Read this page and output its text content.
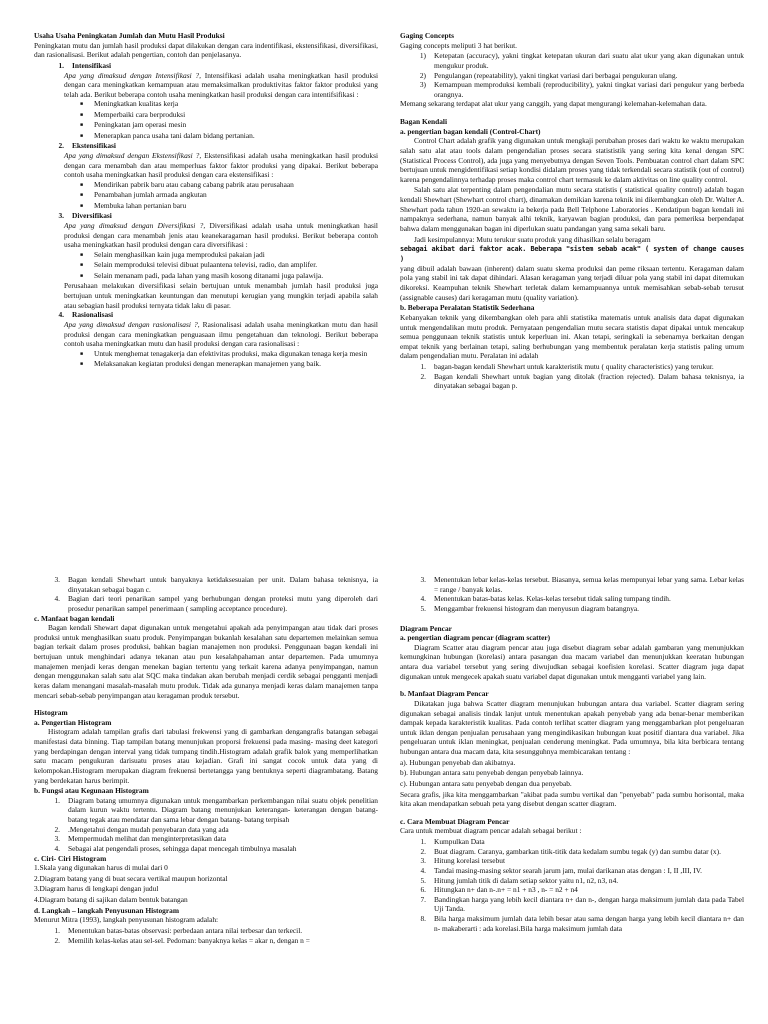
Usaha Usaha Peningkatan Jumlah dan Mutu Hasil Produksi

Peningkatan mutu dan jumlah hasil produksi dapat dilakukan dengan cara indentifikasi, ekstensifikasi, diversifikasi, dan rasionalisasi. Berikut adalah pengertian, contoh dan penjelasanya.

1.	Intensifikasi
Apa yang dimaksud dengan Intensifikasi ?, Intensifikasi adalah usaha meningkatkan hasil produksi dengan cara meningkatkan kemampuan atau memaksimalkan produktivitas faktor faktor produksi yang telah ada. Berikut beberapa contoh usaha meningkatkan hasil produksi dengan cara intentifsifikasi :
■
Meningkatkan kualitas kerja
■
Memperbaiki cara berproduksi
■
Peningkatan jam operasi mesin
■
Menerapkan panca usaha tani dalam bidang pertanian.
2.	Ekstensifikasi
Apa yang dimaksud dengan Ekstensifikasi ?, Ekstensifikasi adalah usaha meningkatkan hasil produksi dengan cara menambah dan atau memperluas faktor faktor produksi yang dipakai. Berikut beberapa contoh usaha meningkatkan hasil produksi dengan cara ekstensifikasi :
■
Mendirikan pabrik baru atau cabang cabang pabrik atau perusahaan
■
Penambahan jumlah armada angkutan
■
Membuka lahan pertanian baru
3.	Diversifikasi
Apa yang dimaksud dengan Diversifikasi ?, Diversifikasi adalah usaha untuk meningkatkan hasil produksi dengan cara menambah jenis atau keanekaragaman hasil produksi. Berikut beberapa contoh usaha meningkatkan hasil produksi dengan cara diversifikasi :
■
Selain menghasilkan kain juga memproduksi pakaian jadi
■
Selain memproduksi televisi dibuat pulaantena televisi, radio, dan amplifer.
■
Selain menanam padi, pada lahan yang masih kosong ditanami juga palawija.
Perusahaan melakukan diversifikasi selain bertujuan untuk menambah jumlah hasil produksi juga bertujuan untuk meningkatkan keuntungan dan menutupi kerugian yang mungkin terjadi apabila salah atau sebagian hasil produksi ternyata tidak laku di pasar.
4.	Rasionalisasi
Apa yang dimaksud dengan rasionalisasi ?, Rasionalisasi adalah usaha meningkatkan mutu dan hasil produksi dengan cara meningkatkan penguasaan ilmu pengetahuan dan teknologi. Berikut beberapa contoh usaha meningkatkan mutu dan hasil produksi dengan cara rasionalisasi :
■
Untuk menghemat tenagakerja dan efektivitas produksi, maka digunakan tenaga kerja mesin
■
Melaksanakan kegiatan produksi dengan menerapkan manajemen yang baik.

Gaging Concepts

Gaging concepts meliputi 3 hat berikut.

1)	Ketepatan (accuracy), yakni tingkat ketepatan ukuran dari suatu alat ukur yang akan digunakan untuk mengukur produk.
2)	Pengulangan (repeatability), yakni tingkat variasi dari berbagai pengukuran ulang.
3)	Kemampuan memproduksi kembali (reproducibility), yakni tingkat variasi dari pengukur yang berbeda orangnya.

Memang sekarang terdapat alat ukur yang canggih, yang dapat mengurangi kelemahan-kelemahan data.

Bagan Kendali

a. pengertian bagan kendali (Control-Chart)

Control Chart adalah grafik yang digunakan untuk mengkaji perubahan proses dari waktu ke waktu merupakan salah satu alat atau tools dalam pengendalian proses secara statististik yang sering kita kenal dengan SPC (Statistical Process Control), ada juga yang menyebutnya dengan Seven Tools. Pembuatan control chart dalam SPC bertujuan untuk mengidentifikasi setiap kondisi didalam proses yang tidak terkendali secara statistik (out of control) karena pengendalinnya terhadap proses maka control chart termasuk ke dalam aktivitas on line quality control.

Salah satu alat terpenting dalam pengendalian mutu secara statistis ( statistical quality control) adalah bagan kendali Shewhart (Shewhart control chart), dinamakan demikian karena teknik ini dikembangkan oleh Dr. Walter A. Shewhart pada tahun 1920-an sewaktu ia bekerja pada Bell Telphone Laboratories . Kendatipun bagan kendali ini nampaknya sederhana, namun banyak alhi teknik, karyawan bagian produksi, dan para pemeriksa berpendapat bahwa dalam menggunakan bagan ini diperlukan suatu pandangan yang sama sekali baru.

Jadi kesimpulannya: Mutu terukur suatu produk yang dihasilkan selalu beragam
sebagai akibat dari faktor acak. Beberapa "sistem sebab acak" ( system of change causes )
yang dibuil adalah bawaan (inherent) dalam suatu skema produksi dan peme riksaan tertentu. Keragaman dalam pola yang stabil ini tak dapat dihindari. Alasan keragaman yang terjadi diluar pola yang stabil ini dapat ditemukan dikoreksi. Keampuhan teknik Shewhart terletak dalam kemampuannya untuk memisahkan sebab-sebab terusut (assignable causes) dari keragaman mutu (quality variation).

b. Beberapa Peralatan Statistik Sederhana

Kebanyakan teknik yang dikembangkan oleh para ahli statistika matematis untuk analisis data dapat digunakan untuk mengendalikan mutu produk. Pernyataan pengendalian mutu secara statistis dapat dipakai untuk mencakup semua penggunaan teknik statistis untuk keperluan ini. Akan tetapi, seringkali ia sebenarnya berkaitan dengan empat teknik yang berlainan tetapi, saling berhubungan yang membentuk peralatan kerja statistis paling umum dalam pengendalian mutu. Peralatan ini adalah

1.	bagan-bagan kendali Shewhart untuk karakteristik mutu ( quality characteristics) yang terukur.
2.	Bagan kendali Shewhart untuk bagian yang ditolak (fraction rejected). Dalam bahasa teknisnya, ia dinyatakan sebagai bagan p.
3.	Bagan kendali Shewhart untuk banyaknya ketidaksesuaian per unit. Dalam bahasa teknisnya, ia dinyatakan sebagai bagan c.
4.	Bagian dari teori penarikan sampel yang berhubungan dengan proteksi mutu yang diperoleh dari prosedur penarikan sampel penerimaan ( sampling acceptance procedure).

c. Manfaat bagan kendali

Bagan kendali Shewart dapat digunakan untuk mengetahui apakah ada penyimpangan atau tidak dari proses produksi untuk menghasilkan suatu produk. Penyimpangan bukanlah kesalahan satu departemen melainkan semua bagian terkait dalam proses produksi, bahkan bagian manajemen non produksi. Penggunaan bagan kendali ini bertujuan untuk menghindari adanya tekanan atau pun kesalahpahaman antar departemen. Pada umumnya manajemen menjadi keras dengan menekan bagian tertentu yang terkait karena adanya penyimpangan, namun dengan menggunakan salah satu alat SQC maka tindakan akan berubah menjadi cerdik sebagai pengganti menjadi keras dalam menangani masalah-masalah mutu produk. Tidak ada gunanya menjadi keras dalam manajemen tanpa mencari sebab-sebab penyimpangan atau keragaman produk tersebut.

Histogram

a. Pengertian Histogram

Histogram adalah tampilan grafis dari tabulasi frekwensi yang di gambarkan dengangrafis batangan sebagai manifestasi data binning. Tiap tampilan batang menunjukan proporsi frekuensi pada masing- masing deet kategori yang berdapingan dengan interval yang tidak tumpang tindih.Histogram adalah grafik balok yang memperlihatkan satu macam pengukuran darisuatu proses atau kejadian. Grafi ini sangat cocok untuk data yang di kelompokan.Histogram merupakan diagram frekuensi bertetangga yang bentuknya seperti diagrambatang. Batang yang berdekatan harus berimpit.

b. Fungsi atau Kegunaan Histogram

1.	Diagram batang umumnya digunakan untuk mengambarkan perkembangan nilai suatu objek penelitian dalam kurun waktu tertentu. Diagram batang menunjukan keterangan- keterangan dengan batang- batang tegak atau mendatar dan sama lebar dengan batang- batang terpisah
2.	.Mengetahui dengan mudah penyebaran data yang ada
3.	Mempermudah melihat dan menginterpretasikan data
4.	Sebagai alat pengendali proses, sehingga dapat mencegah timbulnya masalah

c. Ciri- Ciri Histogram

1.Skala yang digunakan harus di mulai dari 0
2.Diagram batang yang di buat secara vertikal maupun horizontal
3.Diagram harus di lengkapi dengan judul
4.Diagram batang di sajikan dalam bentuk batangan

d. Langkah – langkah Penyusunan Histogram

Menurut Mitra (1993), langkah penyusunan histogram adalah:

1.	Menentukan batas-batas observasi: perbedaan antara nilai terbesar dan terkecil.
2.	Memilih kelas-kelas atau sel-sel. Pedoman: banyaknya kelas = akar n, dengan n =
3.	Menentukan lebar kelas-kelas tersebut. Biasanya, semua kelas mempunyai lebar yang sama. Lebar kelas = range / banyak kelas.
4.	Menentukan batas-batas kelas. Kelas-kelas tersebut tidak saling tumpang tindih.
5.	Menggambar frekuensi histogram dan menyusun diagram batangnya.

Diagram Pencar

a. pengertian diagram pencar (diagram scatter)

Diagram Scatter atau diagram pencar atau juga disebut diagram sebar adalah gambaran yang menunjukkan kemungkinan hubungan (korelasi) antara pasangan dua macam variabel dan menunjukkan keeratan hubungan antara dua variabel tersebut yang sering diwujudkan sebagai koefisien korelasi. Scatter diagram juga dapat digunakan untuk mengecek apakah suatu variabel dapat digunakan untuk mengganti variabel yang lain.

b. Manfaat Diagram Pencar

Dikatakan juga bahwa Scatter diagram menunjukan hubungan antara dua variabel. Scatter diagram sering digunakan sebagai analisis tindak lanjut untuk menentukan apakah penyebab yang ada benar-benar memberikan dampak kepada karakteristik kualitas. Pada contoh terlihat scatter diagram yang menggambarkan plot pengeluaran untuk iklan dengan penjualan perusahaan yang mengindikasikan hubungan kuat positif diantara dua variabel. Jika pengeluaran untuk iklan meningkat, penjualan cenderung meningkat. Pada umumnya, bila kita berbicara tentang hubungan antara dua macam data, kita sesungguhnya membicarakan tentang :

a). Hubungan penyebab dan akibatnya.
b). Hubungan antara satu penyebab dengan penyebab lainnya.
c). Hubungan antara satu penyebab dengan dua penyebab.

Secara grafis, jika kita menggambarkan "akibat pada sumbu vertikal dan "penyebab" pada sumbu horisontal, maka kita akan mendapatkan sebuah peta yang disebut dengan scatter diagram.

c. Cara Membuat Diagram Pencar

Cara untuk membuat diagram pencar adalah sebagai berikut :

1.	Kumpulkan Data
2.	Buat diagram. Caranya, gambarkan titik-titik data kedalam sumbu tegak (y) dan sumbu datar (x).
3.	Hitung korelasi tersebut
4.	Tandai masing-masing sektor searah jarum jam, mulai darikanan atas dengan : I, II ,III, IV.
5.	Hitung jumlah titik di dalam setiap sektor yaitu n1, n2, n3, n4.
6.	Hitungkan n+ dan n-.n+ = n1 + n3 , n- = n2 + n4
7.	Bandingkan harga yang lebih kecil diantara n+ dan n-, dengan harga maksimum jumlah data pada Tabel Uji Tanda.
8.	Bila harga maksimum jumlah data lebih besar atau sama dengan harga yang lebih kecil diantara n+ dan n- makaberarti : ada korelasi.Bila harga maksimum jumlah data
